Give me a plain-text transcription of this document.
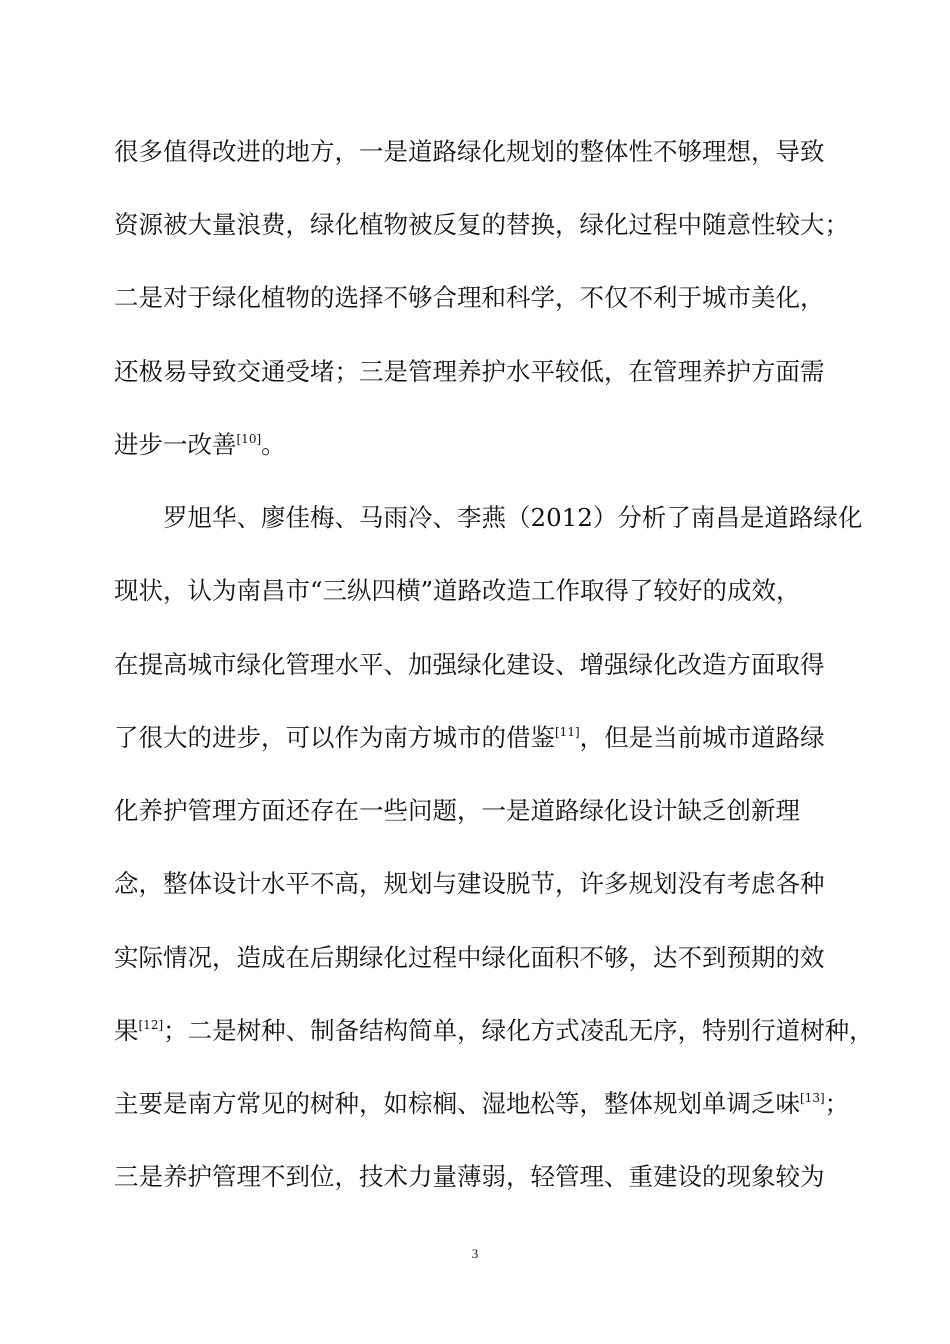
很多值得改进的地方，一是道路绿化规划的整体性不够理想，导致
资源被大量浪费，绿化植物被反复的替换，绿化过程中随意性较大；
二是对于绿化植物的选择不够合理和科学，不仅不利于城市美化，
还极易导致交通受堵；三是管理养护水平较低，在管理养护方面需
进步一改善[10]。
罗旭华、廖佳梅、马雨冷、李燕（2012）分析了南昌是道路绿化
现状，认为南昌市“三纵四横”道路改造工作取得了较好的成效，
在提高城市绿化管理水平、加强绿化建设、增强绿化改造方面取得
了很大的进步，可以作为南方城市的借鉴[11]，但是当前城市道路绿
化养护管理方面还存在一些问题，一是道路绿化设计缺乏创新理
念，整体设计水平不高，规划与建设脱节，许多规划没有考虑各种
实际情况，造成在后期绿化过程中绿化面积不够，达不到预期的效
果[12]；二是树种、制备结构简单，绿化方式凌乱无序，特别行道树种，
主要是南方常见的树种，如棕榈、湿地松等，整体规划单调乏味[13]；
三是养护管理不到位，技术力量薄弱，轻管理、重建设的现象较为
3
